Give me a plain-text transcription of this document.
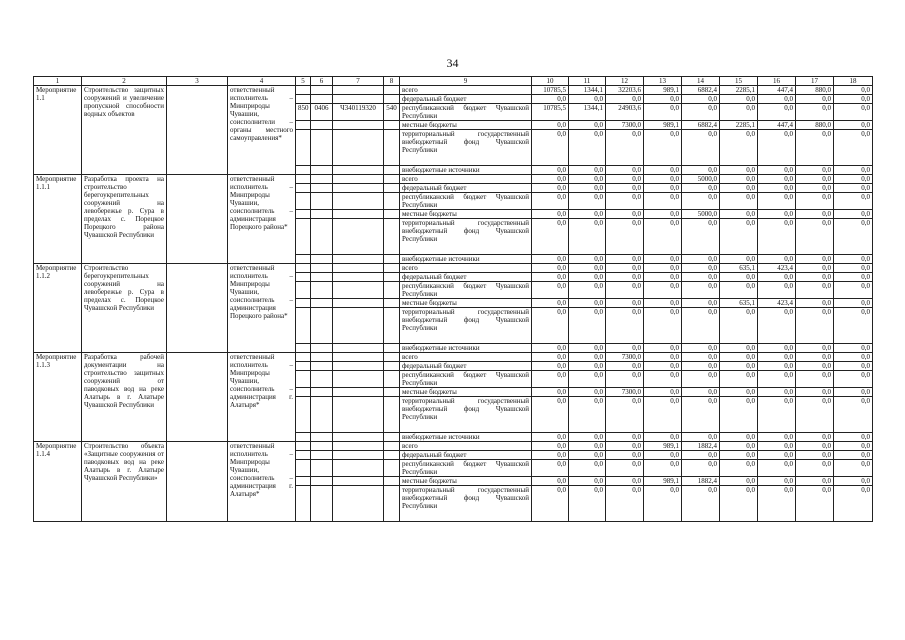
34
1	2	3	4	5	6	7	8	9	10	11	12	13	14	15	16	17	18
Мероприятие 1.1	Строительство защитных сооружений и увеличение пропускной способности водных объектов		ответственный исполнитель – Минприроды Чувашии, соисполнители – органы местного самоуправления*					всего	10785,5	1344,1	32203,6	989,1	6882,4	2285,1	447,4	880,0	0,0
								федеральный бюджет	0,0	0,0	0,0	0,0	0,0	0,0	0,0	0,0	0,0
				850	0406	Ч340119320	540	республиканский бюджет Чувашской Республики	10785,5	1344,1	24903,6	0,0	0,0	0,0	0,0	0,0	0,0
								местные бюджеты	0,0	0,0	7300,0	989,1	6882,4	2285,1	447,4	880,0	0,0
								территориальный государственный внебюджетный фонд Чувашской Республики	0,0	0,0	0,0	0,0	0,0	0,0	0,0	0,0	0,0
								внебюджетные источники	0,0	0,0	0,0	0,0	0,0	0,0	0,0	0,0	0,0
Мероприятие 1.1.1	Разработка проекта на строительство берегоукрепительных сооружений на левобережье р. Сура в пределах с. Порецкое Порецкого района Чувашской Республики		ответственный исполнитель – Минприроды Чувашии, соисполнитель – администрация Порецкого района*					всего	0,0	0,0	0,0	0,0	5000,0	0,0	0,0	0,0	0,0
								федеральный бюджет	0,0	0,0	0,0	0,0	0,0	0,0	0,0	0,0	0,0
								республиканский бюджет Чувашской Республики	0,0	0,0	0,0	0,0	0,0	0,0	0,0	0,0	0,0
								местные бюджеты	0,0	0,0	0,0	0,0	5000,0	0,0	0,0	0,0	0,0
								территориальный государственный внебюджетный фонд Чувашской Республики	0,0	0,0	0,0	0,0	0,0	0,0	0,0	0,0	0,0
								внебюджетные источники	0,0	0,0	0,0	0,0	0,0	0,0	0,0	0,0	0,0
Мероприятие 1.1.2	Строительство берегоукрепительных сооружений на левобережье р. Сура в пределах с. Порецкое Чувашской Республики		ответственный исполнитель – Минприроды Чувашии, соисполнитель – администрация Порецкого района*					всего	0,0	0,0	0,0	0,0	0,0	635,1	423,4	0,0	0,0
								федеральный бюджет	0,0	0,0	0,0	0,0	0,0	0,0	0,0	0,0	0,0
								республиканский бюджет Чувашской Республики	0,0	0,0	0,0	0,0	0,0	0,0	0,0	0,0	0,0
								местные бюджеты	0,0	0,0	0,0	0,0	0,0	635,1	423,4	0,0	0,0
								территориальный государственный внебюджетный фонд Чувашской Республики	0,0	0,0	0,0	0,0	0,0	0,0	0,0	0,0	0,0
								внебюджетные источники	0,0	0,0	0,0	0,0	0,0	0,0	0,0	0,0	0,0
Мероприятие 1.1.3	Разработка рабочей документации на строительство защитных сооружений от паводковых вод на реке Алатырь в г. Алатыре Чувашской Республики		ответственный исполнитель – Минприроды Чувашии, соисполнитель – администрация г. Алатыря*					всего	0,0	0,0	7300,0	0,0	0,0	0,0	0,0	0,0	0,0
								федеральный бюджет	0,0	0,0	0,0	0,0	0,0	0,0	0,0	0,0	0,0
								республиканский бюджет Чувашской Республики	0,0	0,0	0,0	0,0	0,0	0,0	0,0	0,0	0,0
								местные бюджеты	0,0	0,0	7300,0	0,0	0,0	0,0	0,0	0,0	0,0
								территориальный государственный внебюджетный фонд Чувашской Республики	0,0	0,0	0,0	0,0	0,0	0,0	0,0	0,0	0,0
								внебюджетные источники	0,0	0,0	0,0	0,0	0,0	0,0	0,0	0,0	0,0
Мероприятие 1.1.4	Строительство объекта «Защитные сооружения от паводковых вод на реке Алатырь в г. Алатыре Чувашской Республики»		ответственный исполнитель – Минприроды Чувашии, соисполнитель – администрация г. Алатыря*					всего	0,0	0,0	0,0	989,1	1882,4	0,0	0,0	0,0	0,0
								федеральный бюджет	0,0	0,0	0,0	0,0	0,0	0,0	0,0	0,0	0,0
								республиканский бюджет Чувашской Республики	0,0	0,0	0,0	0,0	0,0	0,0	0,0	0,0	0,0
								местные бюджеты	0,0	0,0	0,0	989,1	1882,4	0,0	0,0	0,0	0,0
								территориальный государственный внебюджетный фонд Чувашской Республики	0,0	0,0	0,0	0,0	0,0	0,0	0,0	0,0	0,0
